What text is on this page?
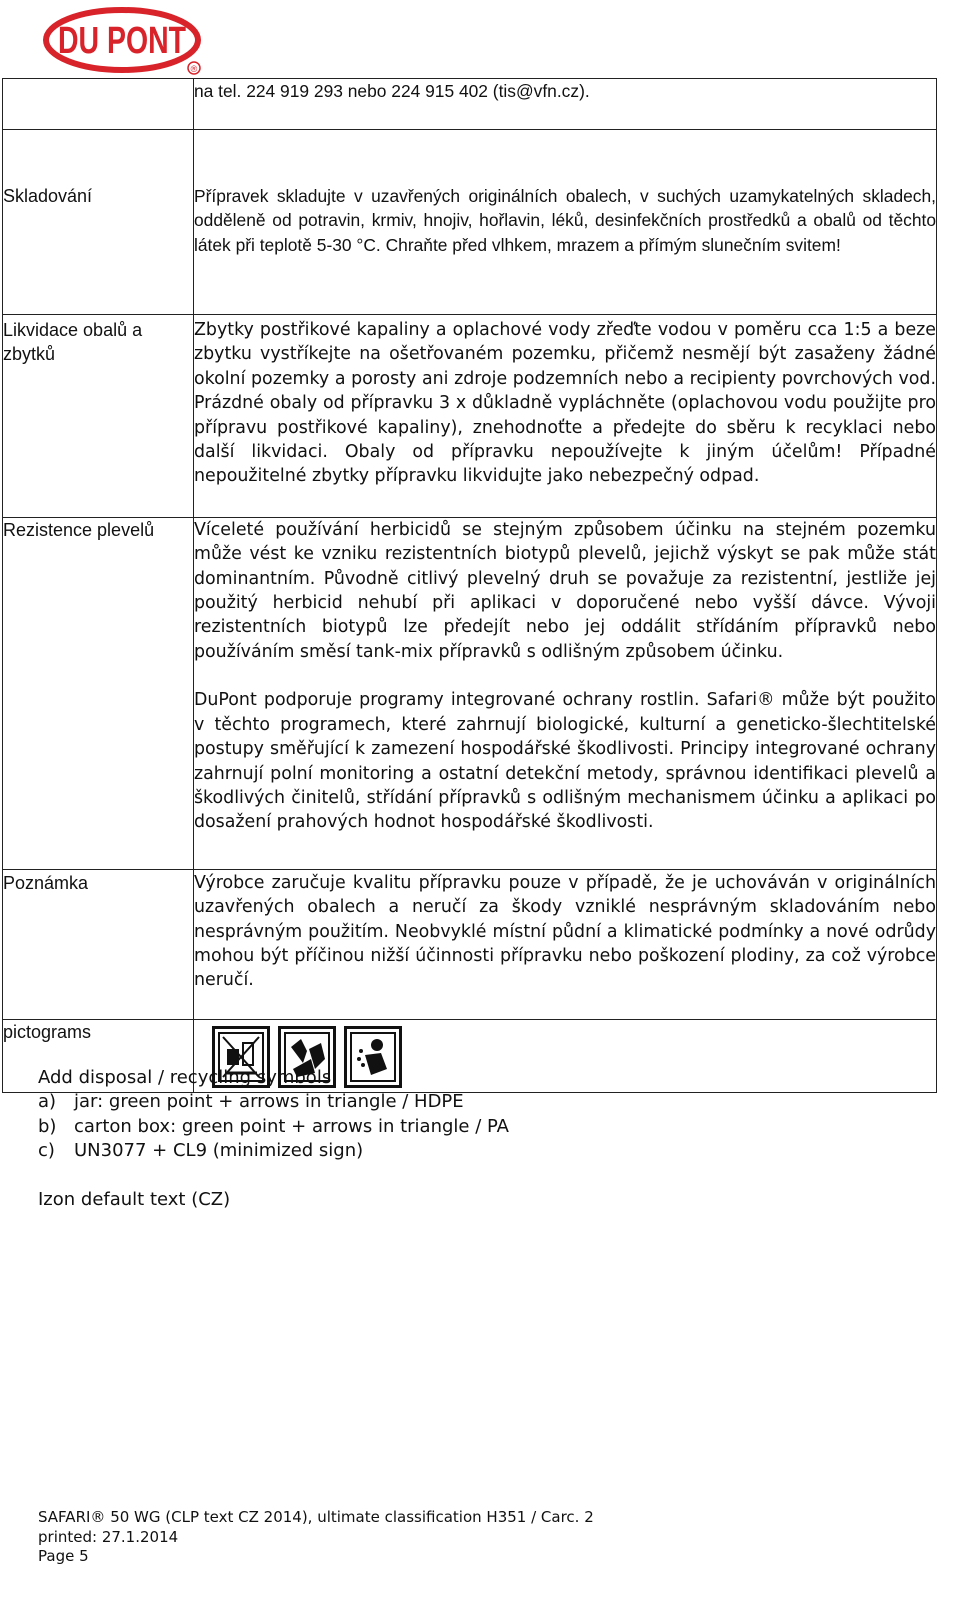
DU PONT
®
	na tel. 224 919 293 nebo 224 915 402 (tis@vfn.cz).
Skladování	Přípravek skladujte v uzavřených originálních obalech, v suchých uzamykatelných skladech, odděleně od potravin, krmiv, hnojiv, hořlavin, léků, desinfekčních prostředků a obalů od těchto látek při teplotě 5-30 °C. Chraňte před vlhkem, mrazem a přímým slunečním svitem!

Likvidace obalů a zbytků	Zbytky postřikové kapaliny a oplachové vody zřeďte vodou v poměru cca 1:5 a beze zbytku vystříkejte na ošetřovaném pozemku, přičemž nesmějí být zasaženy žádné okolní pozemky a porosty ani zdroje podzemních nebo a recipienty povrchových vod. Prázdné obaly od přípravku 3 x důkladně vypláchněte (oplachovou vodu použijte pro přípravu postřikové kapaliny), znehodnoťte a předejte do sběru k recyklaci nebo další likvidaci. Obaly od přípravku nepoužívejte k jiným účelům! Případné nepoužitelné zbytky přípravku likvidujte jako nebezpečný odpad.

Rezistence plevelů	Víceleté používání herbicidů se stejným způsobem účinku na stejném pozemku může vést ke vzniku rezistentních biotypů plevelů, jejichž výskyt se pak může stát dominantním. Původně citlivý plevelný druh se považuje za rezistentní, jestliže jej použitý herbicid nehubí při aplikaci v doporučené nebo vyšší dávce. Vývoji rezistentních biotypů lze předejít nebo jej oddálit střídáním přípravků nebo používáním směsí tank-mix přípravků s odlišným způsobem účinku.

DuPont podporuje programy integrované ochrany rostlin. Safari® může být použito v těchto programech, které zahrnují biologické, kulturní a geneticko-šlechtitelské postupy směřující k zamezení hospodářské škodlivosti. Principy integrované ochrany zahrnují polní monitoring a ostatní detekční metody, správnou identifikaci plevelů a škodlivých činitelů, střídání přípravků s odlišným mechanismem účinku a aplikaci po dosažení prahových hodnot hospodářské škodlivosti.

Poznámka	Výrobce zaručuje kvalitu přípravku pouze v případě, že je uchováván v originálních uzavřených obalech a neručí za škody vzniklé nesprávným skladováním nebo nesprávným použitím. Neobvyklé místní půdní a klimatické podmínky a nové odrůdy mohou být příčinou nižší účinnosti přípravku nebo poškození plodiny, za což výrobce neručí.

pictograms	
Add disposal / recycling symbols:
a) jar: green point + arrows in triangle / HDPE
b) carton box: green point + arrows in triangle / PA
c)	UN3077 + CL9 (minimized sign)
Izon default text (CZ)
SAFARI® 50 WG (CLP text CZ 2014), ultimate classification H351 / Carc. 2
printed: 27.1.2014
Page 5
